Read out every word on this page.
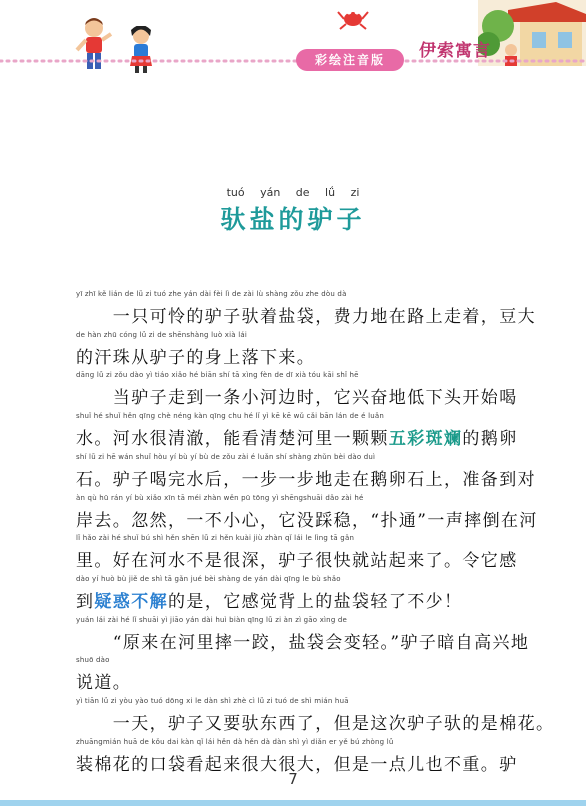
彩绘注音版	伊索寓言
tuó yán de lǘ zi
驮盐的驴子
yī zhī kě lián de lǘ zi tuó zhe yán dài fèi lì de zài lù shàng zǒu zhe dòu dà
　　一只可怜的驴子驮着盐袋，费力地在路上走着，豆大
de hàn zhū cóng lǘ zi de shēnshàng luò xià lái
的汗珠从驴子的身上落下来。
dāng lǘ zi zǒu dào yì tiáo xiǎo hé biān shí tā xìng fèn de dī xià tóu kāi shǐ hē
　　当驴子走到一条小河边时，它兴奋地低下头开始喝
shuǐ hé shuǐ hěn qīng chè néng kàn qīng chu hé lǐ yì kē kē wǔ cǎi bān lán de é luǎn
水。河水很清澈，能看清楚河里一颗颗五彩斑斓的鹅卵
shí lǘ zi hē wán shuǐ hòu yí bù yí bù de zǒu zài é luǎn shí shàng zhǔn bèi dào duì
石。驴子喝完水后，一步一步地走在鹅卵石上，准备到对
àn qù hū rán yí bù xiǎo xīn tā méi zhàn wěn pū tōng yì shēngshuāi dǎo zài hé
岸去。忽然，一不小心，它没踩稳，“扑通”一声摔倒在河
lǐ hǎo zài hé shuǐ bú shì hěn shēn lǘ zi hěn kuài jiù zhàn qǐ lái le lìng tā gǎn
里。好在河水不是很深，驴子很快就站起来了。令它感
dào yí huò bù jiě de shì tā gǎn jué bèi shàng de yán dài qīng le bù shǎo
到疑惑不解的是，它感觉背上的盐袋轻了不少！
yuán lái zài hé lǐ shuāi yì jiāo yán dài huì biàn qīng lǘ zi àn zì gāo xìng de
　　“原来在河里摔一跤，盐袋会变轻。”驴子暗自高兴地
shuō dào
说道。
yì tiān lǘ zi yòu yào tuó dōng xi le dàn shì zhè cì lǘ zi tuó de shì mián huā
　　一天，驴子又要驮东西了，但是这次驴子驮的是棉花。
zhuāngmián huā de kǒu dai kàn qǐ lái hěn dà hěn dà dàn shì yì diǎn er yě bú zhòng lǘ
装棉花的口袋看起来很大很大，但是一点儿也不重。驴
7
